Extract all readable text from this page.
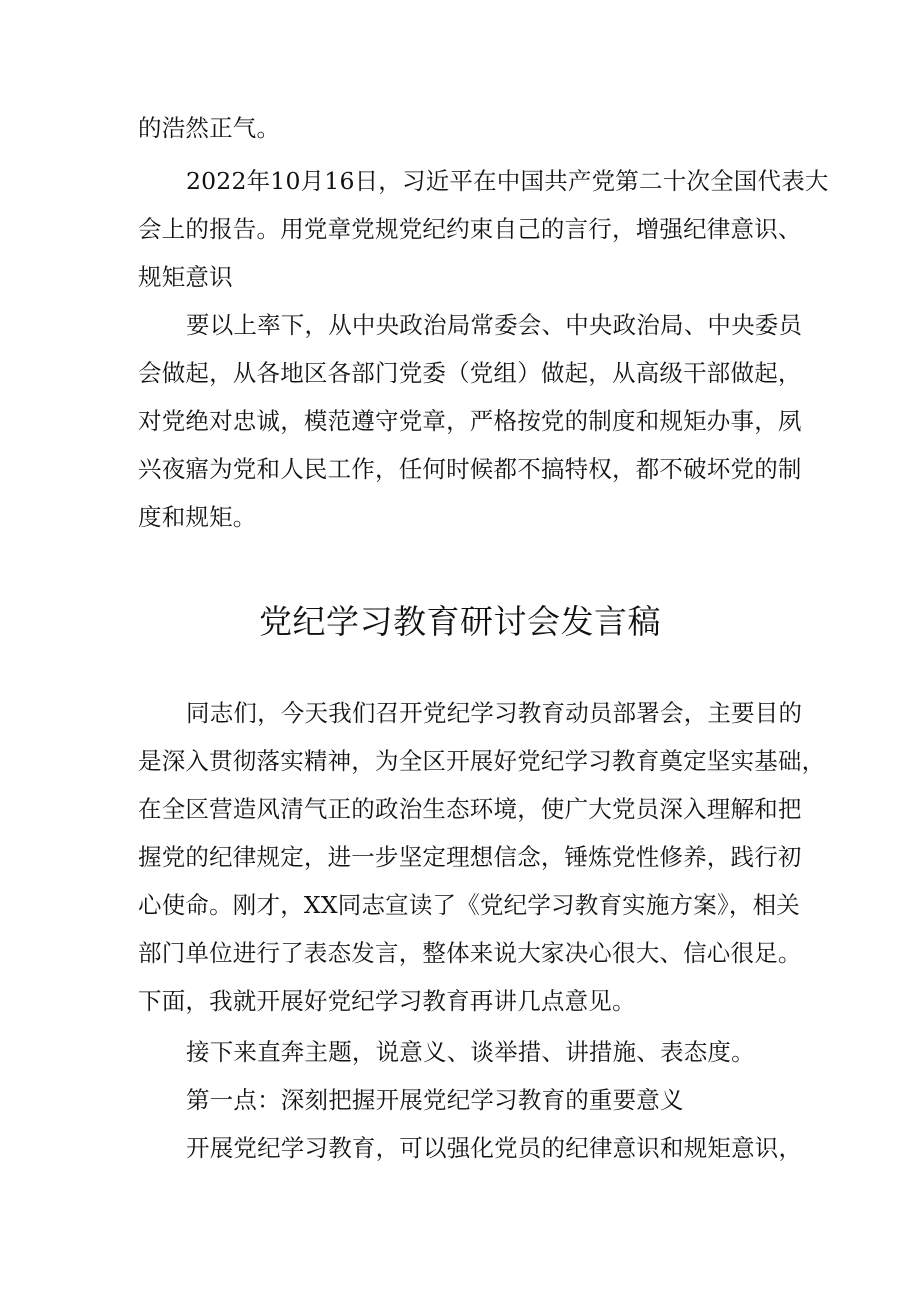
的浩然正气。
2022年10月16日，习近平在中国共产党第二十次全国代表大
会上的报告。用党章党规党纪约束自己的言行，增强纪律意识、
规矩意识
要以上率下，从中央政治局常委会、中央政治局、中央委员
会做起，从各地区各部门党委（党组）做起，从高级干部做起，
对党绝对忠诚，模范遵守党章，严格按党的制度和规矩办事，夙
兴夜寤为党和人民工作，任何时候都不搞特权，都不破坏党的制
度和规矩。
党纪学习教育研讨会发言稿
同志们，今天我们召开党纪学习教育动员部署会，主要目的
是深入贯彻落实精神，为全区开展好党纪学习教育奠定坚实基础，
在全区营造风清气正的政治生态环境，使广大党员深入理解和把
握党的纪律规定，进一步坚定理想信念，锤炼党性修养，践行初
心使命。刚才，XX同志宣读了《党纪学习教育实施方案》，相关
部门单位进行了表态发言，整体来说大家决心很大、信心很足。
下面，我就开展好党纪学习教育再讲几点意见。
接下来直奔主题，说意义、谈举措、讲措施、表态度。
第一点：深刻把握开展党纪学习教育的重要意义
开展党纪学习教育，可以强化党员的纪律意识和规矩意识，
